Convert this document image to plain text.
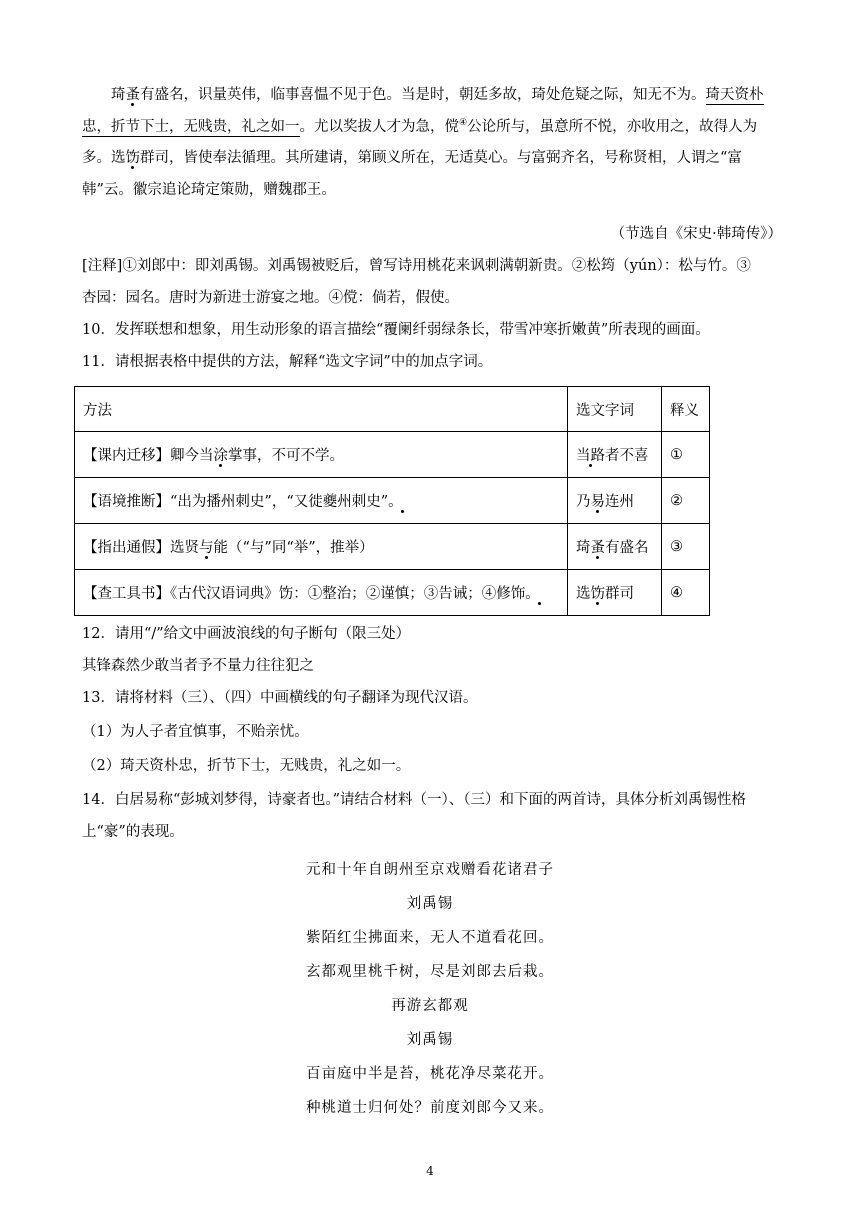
琦蚤有盛名，识量英伟，临事喜愠不见于色。当是时，朝廷多故，琦处危疑之际，知无不为。琦天资朴忠，折节下士，无贱贵，礼之如一。尤以奖拔人才为急，傥④公论所与，虽意所不悦，亦收用之，故得人为多。选饬群司，皆使奉法循理。其所建请，第顾义所在，无适莫心。与富弼齐名，号称贤相，人谓之“富韩”云。徽宗追论琦定策勋，赠魏郡王。
（节选自《宋史·韩琦传》）
[注释]①刘郎中：即刘禹锡。刘禹锡被贬后，曾写诗用桃花来讽刺满朝新贵。②松筠（yún）：松与竹。③
杏园：园名。唐时为新进士游宴之地。④傥：倘若，假使。
10．发挥联想和想象，用生动形象的语言描绘“覆阑纤弱绿条长，带雪冲寒折嫩黄”所表现的画面。
11．请根据表格中提供的方法，解释“选文字词”中的加点字词。
方法	选文字词	释义
【课内迁移】卿今当涂掌事，不可不学。	当路者不喜	①
【语境推断】“出为播州刺史”，“又徙夔州刺史”。	乃易连州	②
【指出通假】选贤与能（“与”同“举”，推举）	琦蚤有盛名	③
【查工具书】《古代汉语词典》饬：①整治；②谨慎；③告诫；④修饰。	选饬群司	④
12．请用“/”给文中画波浪线的句子断句（限三处）
其锋森然少敢当者予不量力往往犯之
13．请将材料（三）、（四）中画横线的句子翻译为现代汉语。
（1）为人子者宜慎事，不贻亲忧。
（2）琦天资朴忠，折节下士，无贱贵，礼之如一。
14．白居易称“彭城刘梦得，诗豪者也。”请结合材料（一）、（三）和下面的两首诗，具体分析刘禹锡性格
上“豪”的表现。
元和十年自朗州至京戏赠看花诸君子
刘禹锡
紫陌红尘拂面来，无人不道看花回。
玄都观里桃千树，尽是刘郎去后栽。
再游玄都观
刘禹锡
百亩庭中半是苔，桃花净尽菜花开。
种桃道士归何处？前度刘郎今又来。
4
